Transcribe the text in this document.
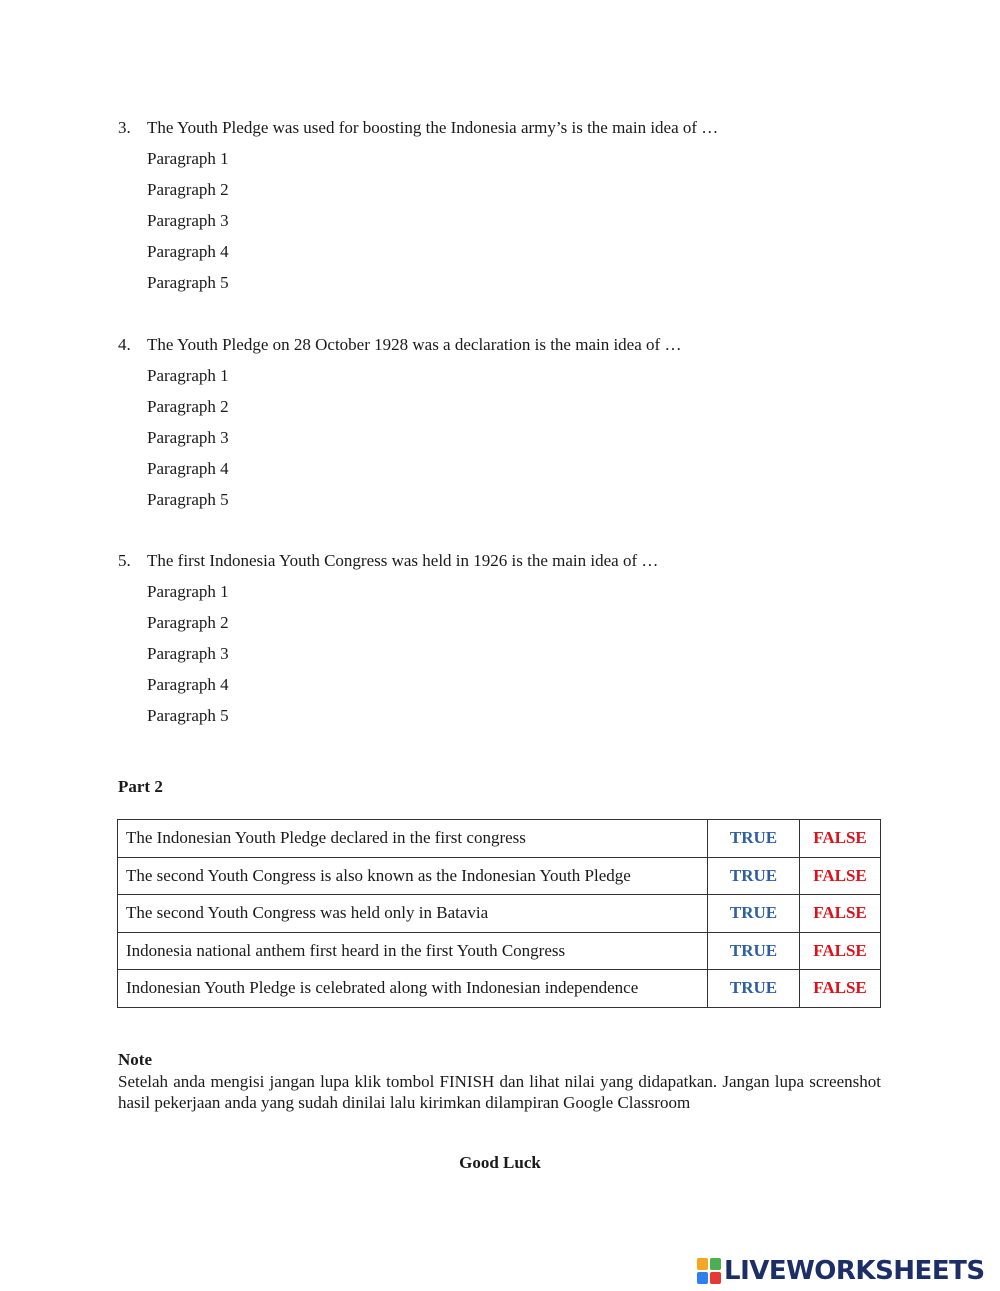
3. The Youth Pledge was used for boosting the Indonesia army’s is the main idea of …
Paragraph 1
Paragraph 2
Paragraph 3
Paragraph 4
Paragraph 5
4. The Youth Pledge on 28 October 1928 was a declaration is the main idea of …
Paragraph 1
Paragraph 2
Paragraph 3
Paragraph 4
Paragraph 5
5. The first Indonesia Youth Congress was held in 1926 is the main idea of …
Paragraph 1
Paragraph 2
Paragraph 3
Paragraph 4
Paragraph 5
Part 2
The Indonesian Youth Pledge declared in the first congress	TRUE	FALSE
The second Youth Congress is also known as the Indonesian Youth Pledge	TRUE	FALSE
The second Youth Congress was held only in Batavia	TRUE	FALSE
Indonesia national anthem first heard in the first Youth Congress	TRUE	FALSE
Indonesian Youth Pledge is celebrated along with Indonesian independence	TRUE	FALSE
Note
Setelah anda mengisi jangan lupa klik tombol FINISH dan lihat nilai yang didapatkan. Jangan lupa screenshot hasil pekerjaan anda yang sudah dinilai lalu kirimkan dilampiran Google Classroom
Good Luck
LIVEWORKSHEETS
